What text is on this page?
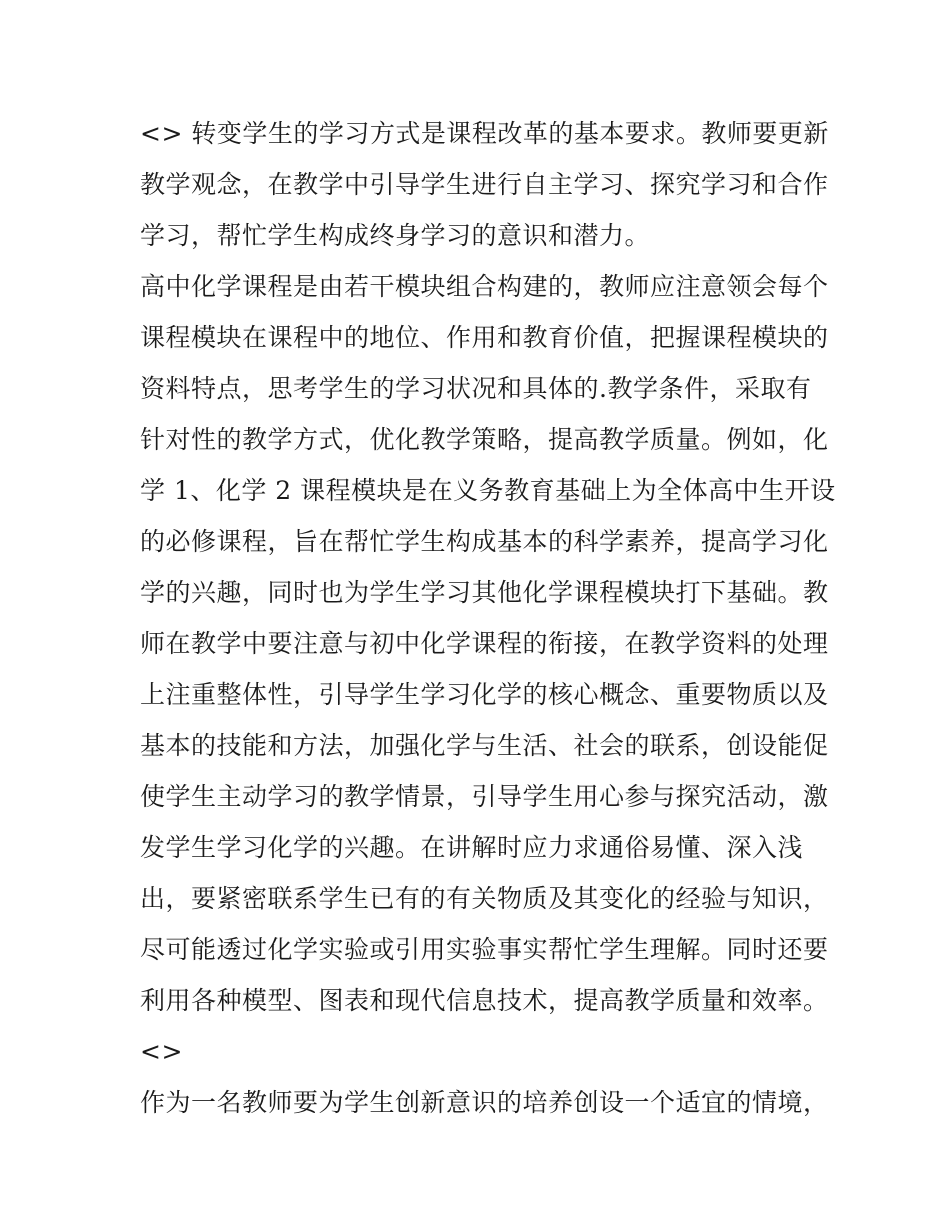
<> 转变学生的学习方式是课程改革的基本要求。教师要更新
教学观念，在教学中引导学生进行自主学习、探究学习和合作
学习，帮忙学生构成终身学习的意识和潜力。
高中化学课程是由若干模块组合构建的，教师应注意领会每个
课程模块在课程中的地位、作用和教育价值，把握课程模块的
资料特点，思考学生的学习状况和具体的.教学条件，采取有
针对性的教学方式，优化教学策略，提高教学质量。例如，化
学 1、化学 2 课程模块是在义务教育基础上为全体高中生开设
的必修课程，旨在帮忙学生构成基本的科学素养，提高学习化
学的兴趣，同时也为学生学习其他化学课程模块打下基础。教
师在教学中要注意与初中化学课程的衔接，在教学资料的处理
上注重整体性，引导学生学习化学的核心概念、重要物质以及
基本的技能和方法，加强化学与生活、社会的联系，创设能促
使学生主动学习的教学情景，引导学生用心参与探究活动，激
发学生学习化学的兴趣。在讲解时应力求通俗易懂、深入浅
出，要紧密联系学生已有的有关物质及其变化的经验与知识，
尽可能透过化学实验或引用实验事实帮忙学生理解。同时还要
利用各种模型、图表和现代信息技术，提高教学质量和效率。
<>
作为一名教师要为学生创新意识的培养创设一个适宜的情境，
